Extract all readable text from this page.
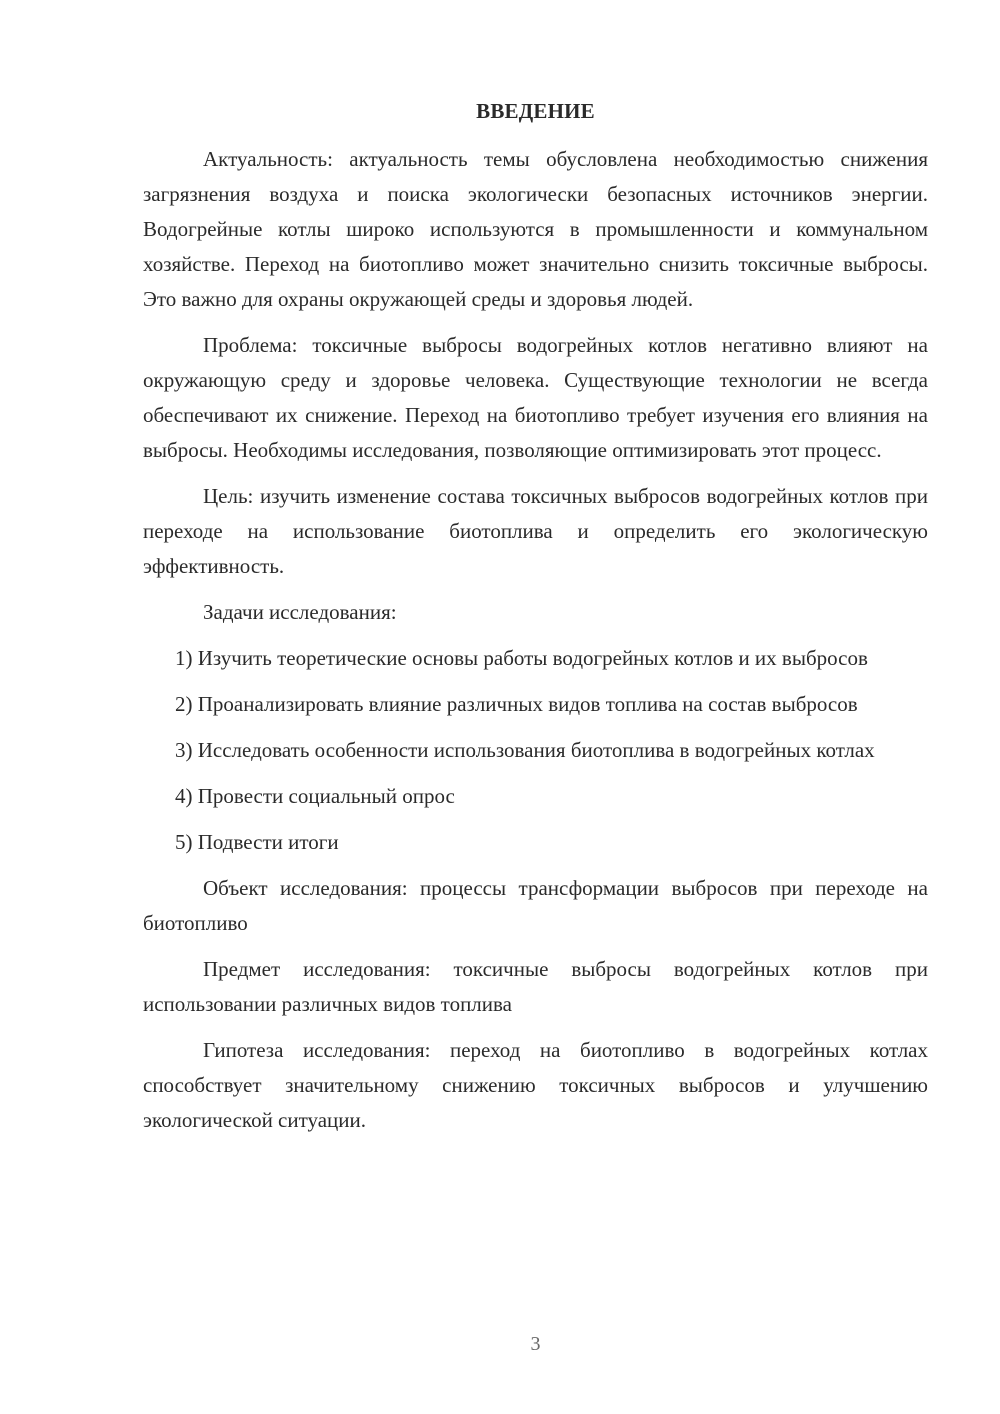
ВВЕДЕНИЕ

Актуальность: актуальность темы обусловлена необходимостью снижения загрязнения воздуха и поиска экологически безопасных источников энергии. Водогрейные котлы широко используются в промышленности и коммунальном хозяйстве. Переход на биотопливо может значительно снизить токсичные выбросы. Это важно для охраны окружающей среды и здоровья людей.

Проблема: токсичные выбросы водогрейных котлов негативно влияют на окружающую среду и здоровье человека. Существующие технологии не всегда обеспечивают их снижение. Переход на биотопливо требует изучения его влияния на выбросы. Необходимы исследования, позволяющие оптимизировать этот процесс.

Цель: изучить изменение состава токсичных выбросов водогрейных котлов при переходе на использование биотоплива и определить его экологическую эффективность.

Задачи исследования:

1) Изучить теоретические основы работы водогрейных котлов и их выбросов

2) Проанализировать влияние различных видов топлива на состав выбросов

3) Исследовать особенности использования биотоплива в водогрейных котлах

4) Провести социальный опрос

5) Подвести итоги

Объект исследования: процессы трансформации выбросов при переходе на биотопливо

Предмет исследования: токсичные выбросы водогрейных котлов при использовании различных видов топлива

Гипотеза исследования: переход на биотопливо в водогрейных котлах способствует значительному снижению токсичных выбросов и улучшению экологической ситуации.

3
